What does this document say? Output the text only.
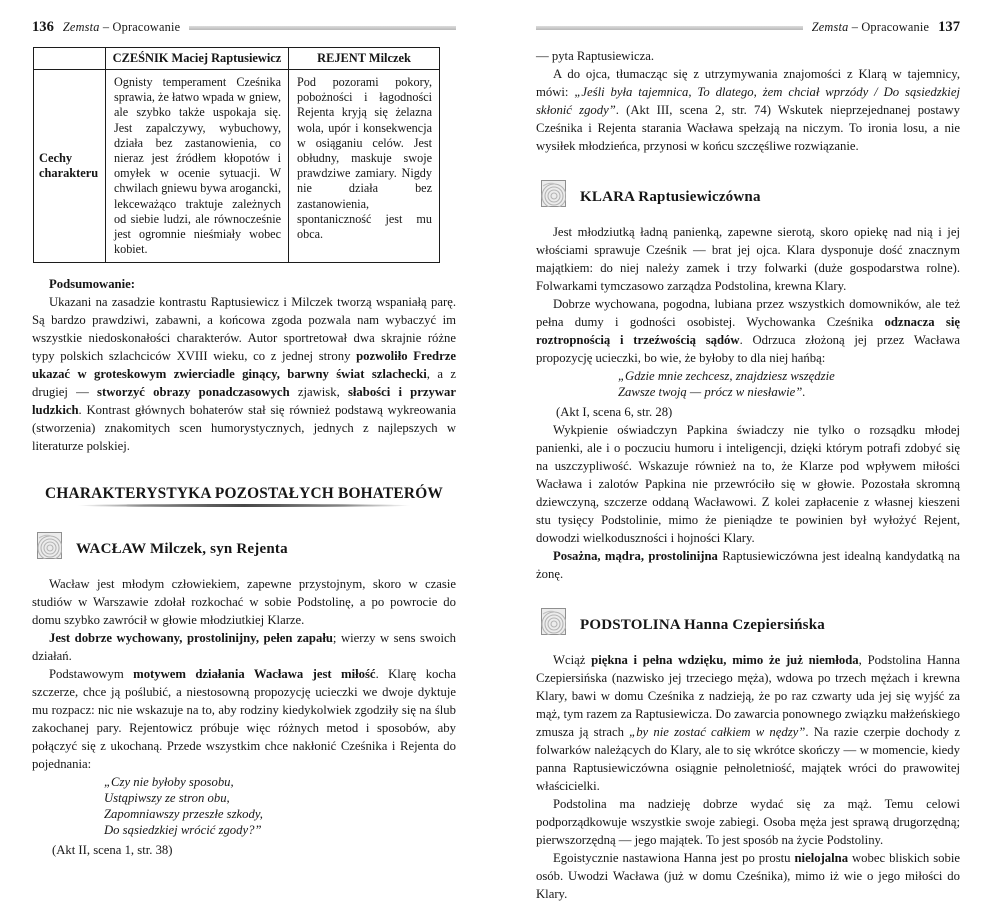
136 Zemsta – Opracowanie
	CZEŚNIK Maciej Raptusiewicz	REJENT Milczek
Cechy charakteru	Ognisty temperament Cześnika sprawia, że łatwo wpada w gniew, ale szybko także uspokaja się. Jest zapalczywy, wybuchowy, działa bez zastanowienia, co nieraz jest źródłem kłopotów i omyłek w ocenie sytuacji. W chwilach gniewu bywa arogancki, lekceważąco traktuje zależnych od siebie ludzi, ale równocześnie jest ogromnie nieśmiały wobec kobiet.	Pod pozorami pokory, pobożności i łagodności Rejenta kryją się żelazna wola, upór i konsekwencja w osiąganiu celów. Jest obłudny, maskuje swoje prawdziwe zamiary. Nigdy nie działa bez zastanowienia, spontaniczność jest mu obca.

Podsumowanie:

Ukazani na zasadzie kontrastu Raptusiewicz i Milczek tworzą wspaniałą parę. Są bardzo prawdziwi, zabawni, a końcowa zgoda pozwala nam wybaczyć im wszystkie niedoskonałości charakterów. Autor sportretował dwa skrajnie różne typy polskich szlachciców XVIII wieku, co z jednej strony pozwoliło Fredrze ukazać w groteskowym zwierciadle ginący, barwny świat szlachecki, a z drugiej — stworzyć obrazy ponadczasowych zjawisk, słabości i przywar ludzkich. Kontrast głównych bohaterów stał się również podstawą wykreowania (stworzenia) znakomitych scen humorystycznych, jednych z najlepszych w literaturze polskiej.

CHARAKTERYSTYKA POZOSTAŁYCH BOHATERÓW
WACŁAW Milczek, syn Rejenta

Wacław jest młodym człowiekiem, zapewne przystojnym, skoro w czasie studiów w Warszawie zdołał rozkochać w sobie Podstolinę, a po powrocie do domu szybko zawrócił w głowie młodziutkiej Klarze.

Jest dobrze wychowany, prostolinijny, pełen zapału; wierzy w sens swoich działań.

Podstawowym motywem działania Wacława jest miłość. Klarę kocha szczerze, chce ją poślubić, a niestosowną propozycję ucieczki we dwoje dyktuje mu rozpacz: nic nie wskazuje na to, aby rodziny kiedykolwiek zgodziły się na ślub zakochanej pary. Rejentowicz próbuje więc różnych metod i sposobów, aby połączyć się z ukochaną. Przede wszystkim chce nakłonić Cześnika i Rejenta do pojednania:

„Czy nie byłoby sposobu,
Ustąpiwszy ze stron obu,
Zapomniawszy przeszłe szkody,
Do sąsiedzkiej wrócić zgody?”

(Akt II, scena 1, str. 38)

Zemsta – Opracowanie 137

— pyta Raptusiewicza.

A do ojca, tłumacząc się z utrzymywania znajomości z Klarą w tajemnicy, mówi: „Jeśli była tajemnica, To dlatego, żem chciał wprzódy / Do sąsiedzkiej skłonić zgody”. (Akt III, scena 2, str. 74) Wskutek nieprzejednanej postawy Cześnika i Rejenta starania Wacława spełzają na niczym. To ironia losu, a nie wysiłek młodzieńca, przynosi w końcu szczęśliwe rozwiązanie.

KLARA Raptusiewiczówna

Jest młodziutką ładną panienką, zapewne sierotą, skoro opiekę nad nią i jej włościami sprawuje Cześnik — brat jej ojca. Klara dysponuje dość znacznym majątkiem: do niej należy zamek i trzy folwarki (duże gospodarstwa rolne). Folwarkami tymczasowo zarządza Podstolina, krewna Klary.

Dobrze wychowana, pogodna, lubiana przez wszystkich domowników, ale też pełna dumy i godności osobistej. Wychowanka Cześnika odznacza się roztropnością i trzeźwością sądów. Odrzuca złożoną jej przez Wacława propozycję ucieczki, bo wie, że byłoby to dla niej hańbą:

„Gdzie mnie zechcesz, znajdziesz wszędzie
Zawsze twoją — prócz w niesławie”.

(Akt I, scena 6, str. 28)

Wykpienie oświadczyn Papkina świadczy nie tylko o rozsądku młodej panienki, ale i o poczuciu humoru i inteligencji, dzięki którym potrafi zdobyć się na uszczypliwość. Wskazuje również na to, że Klarze pod wpływem miłości Wacława i zalotów Papkina nie przewróciło się w głowie. Pozostała skromną dziewczyną, szczerze oddaną Wacławowi. Z kolei zapłacenie z własnej kieszeni stu tysięcy Podstolinie, mimo że pieniądze te powinien był wyłożyć Rejent, dowodzi wielkoduszności i hojności Klary.

Posażna, mądra, prostolinijna Raptusiewiczówna jest idealną kandydatką na żonę.

PODSTOLINA Hanna Czepiersińska

Wciąż piękna i pełna wdzięku, mimo że już niemłoda, Podstolina Hanna Czepiersińska (nazwisko jej trzeciego męża), wdowa po trzech mężach i krewna Klary, bawi w domu Cześnika z nadzieją, że po raz czwarty uda jej się wyjść za mąż, tym razem za Raptusiewicza. Do zawarcia ponownego związku małżeńskiego zmusza ją strach „by nie zostać całkiem w nędzy”. Na razie czerpie dochody z folwarków należących do Klary, ale to się wkrótce skończy — w momencie, kiedy panna Raptusiewiczówna osiągnie pełnoletniość, majątek wróci do prawowitej właścicielki.

Podstolina ma nadzieję dobrze wydać się za mąż. Temu celowi podporządkowuje wszystkie swoje zabiegi. Osoba męża jest sprawą drugorzędną; pierwszorzędną — jego majątek. To jest sposób na życie Podstoliny.

Egoistycznie nastawiona Hanna jest po prostu nielojalna wobec bliskich sobie osób. Uwodzi Wacława (już w domu Cześnika), mimo iż wie o jego miłości do Klary.
